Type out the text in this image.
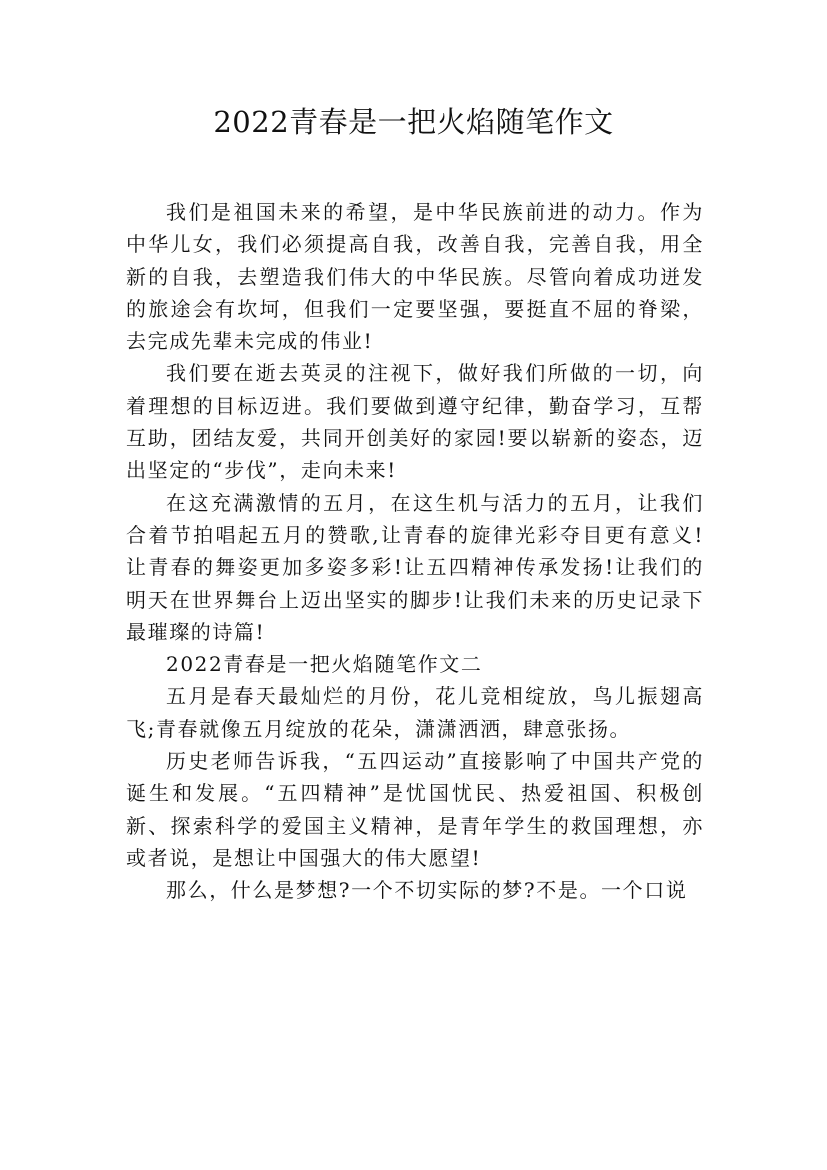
2022青春是一把火焰随笔作文

我们是祖国未来的希望，是中华民族前进的动力。作为中华儿女，我们必须提高自我，改善自我，完善自我，用全新的自我，去塑造我们伟大的中华民族。尽管向着成功迸发的旅途会有坎坷，但我们一定要坚强，要挺直不屈的脊梁，去完成先辈未完成的伟业!

我们要在逝去英灵的注视下，做好我们所做的一切，向着理想的目标迈进。我们要做到遵守纪律，勤奋学习，互帮互助，团结友爱，共同开创美好的家园!要以崭新的姿态，迈出坚定的“步伐”，走向未来!

在这充满激情的五月，在这生机与活力的五月，让我们合着节拍唱起五月的赞歌,让青春的旋律光彩夺目更有意义!让青春的舞姿更加多姿多彩!让五四精神传承发扬!让我们的明天在世界舞台上迈出坚实的脚步!让我们未来的历史记录下最璀璨的诗篇!

2022青春是一把火焰随笔作文二

五月是春天最灿烂的月份，花儿竞相绽放，鸟儿振翅高飞;青春就像五月绽放的花朵，潇潇洒洒，肆意张扬。

历史老师告诉我，“五四运动”直接影响了中国共产党的诞生和发展。“五四精神”是忧国忧民、热爱祖国、积极创新、探索科学的爱国主义精神，是青年学生的救国理想，亦或者说，是想让中国强大的伟大愿望!

那么，什么是梦想?一个不切实际的梦?不是。一个口说
